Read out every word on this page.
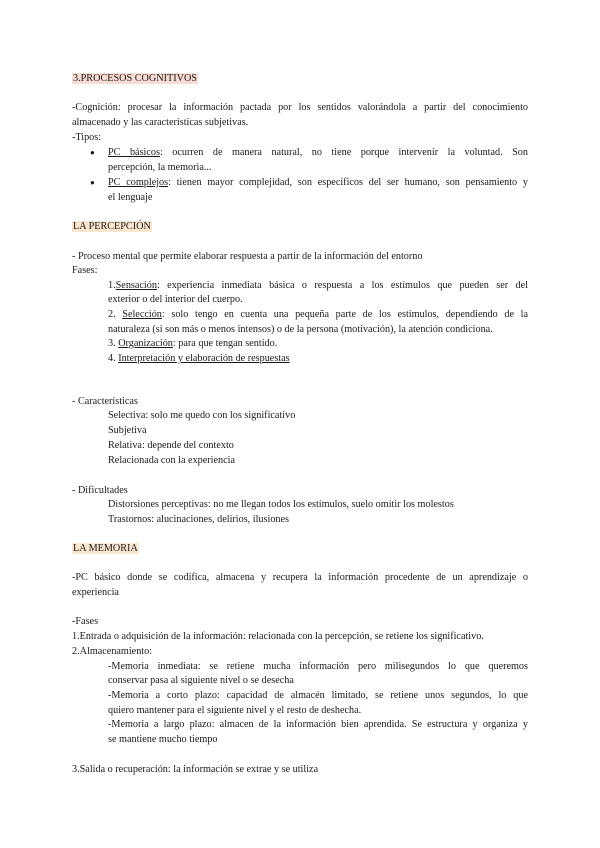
3.PROCESOS COGNITIVOS
-Cognición: procesar la información pactada por los sentidos valorándola a partir del conocimiento
almacenado y las características subjetivas.
-Tipos:
● PC básicos: ocurren de manera natural, no tiene porque intervenir la voluntad. Son
percepción, la memoria...
● PC complejos: tienen mayor complejidad, son específicos del ser humano, son pensamiento y
el lenguaje
LA PERCEPCIÓN
- Proceso mental que permite elaborar respuesta a partir de la información del entorno
Fases:
1.Sensación: experiencia inmediata básica o respuesta a los estímulos que pueden ser del
exterior o del interior del cuerpo.
2. Selección: solo tengo en cuenta una pequeña parte de los estímulos, dependiendo de la
naturaleza (si son más o menos intensos) o de la persona (motivación), la atención condiciona.
3. Organización: para que tengan sentido.
4. Interpretación y elaboración de respuestas
- Características
Selectiva: solo me quedo con los significativo
Subjetiva
Relativa: depende del contexto
Relacionada con la experiencia
- Dificultades
Distorsiones perceptivas: no me llegan todos los estímulos, suelo omitir los molestos
Trastornos: alucinaciones, delirios, ilusiones
LA MEMORIA
-PC básico donde se codifica, almacena y recupera la información procedente de un aprendizaje o
experiencia
-Fases
1.Entrada o adquisición de la información: relacionada con la percepción, se retiene los significativo.
2.Almacenamiento:
-Memoria inmediata: se retiene mucha información pero milisegundos lo que queremos
conservar pasa al siguiente nivel o se desecha
-Memoria a corto plazo: capacidad de almacén limitado, se retiene unos segundos, lo que
quiero mantener para el siguiente nivel y el resto de deshecha.
-Memoria a largo plazo: almacen de la información bien aprendida. Se estructura y organiza y
se mantiene mucho tiempo
3.Salida o recuperación: la información se extrae y se utiliza
